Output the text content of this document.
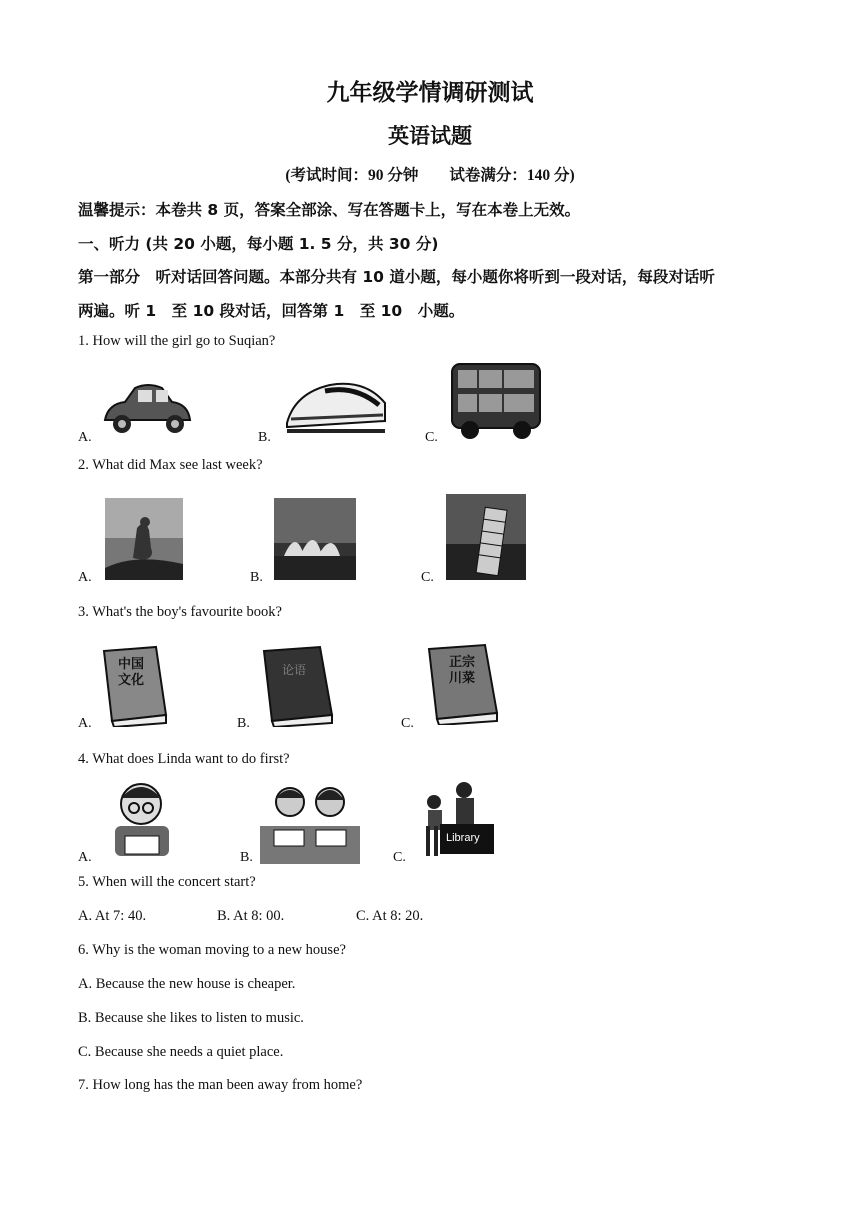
九年级学情调研测试
英语试题
(考试时间：90 分钟　　试卷满分：140 分)
温馨提示：本卷共 8 页，答案全部涂、写在答题卡上，写在本卷上无效。
一、听力 (共 20 小题，每小题 1. 5 分，共 30 分)
第一部分　听对话回答问题。本部分共有 10 道小题，每小题你将听到一段对话，每段对话听
两遍。听 1　至 10 段对话，回答第 1　至 10　小题。
1. How will the girl go to Suqian?
A.	B.	C.
2. What did Max see last week?
A.	B.	C.
3. What's the boy's favourite book?
A.
中国
文化
B.
论语
C.
正宗
川菜
4. What does Linda want to do first?
A.	B.	C.
Library
5. When will the concert start?
A. At 7: 40.	B. At 8: 00.	C. At 8: 20.
6. Why is the woman moving to a new house?
A. Because the new house is cheaper.
B. Because she likes to listen to music.
C. Because she needs a quiet place.
7. How long has the man been away from home?
